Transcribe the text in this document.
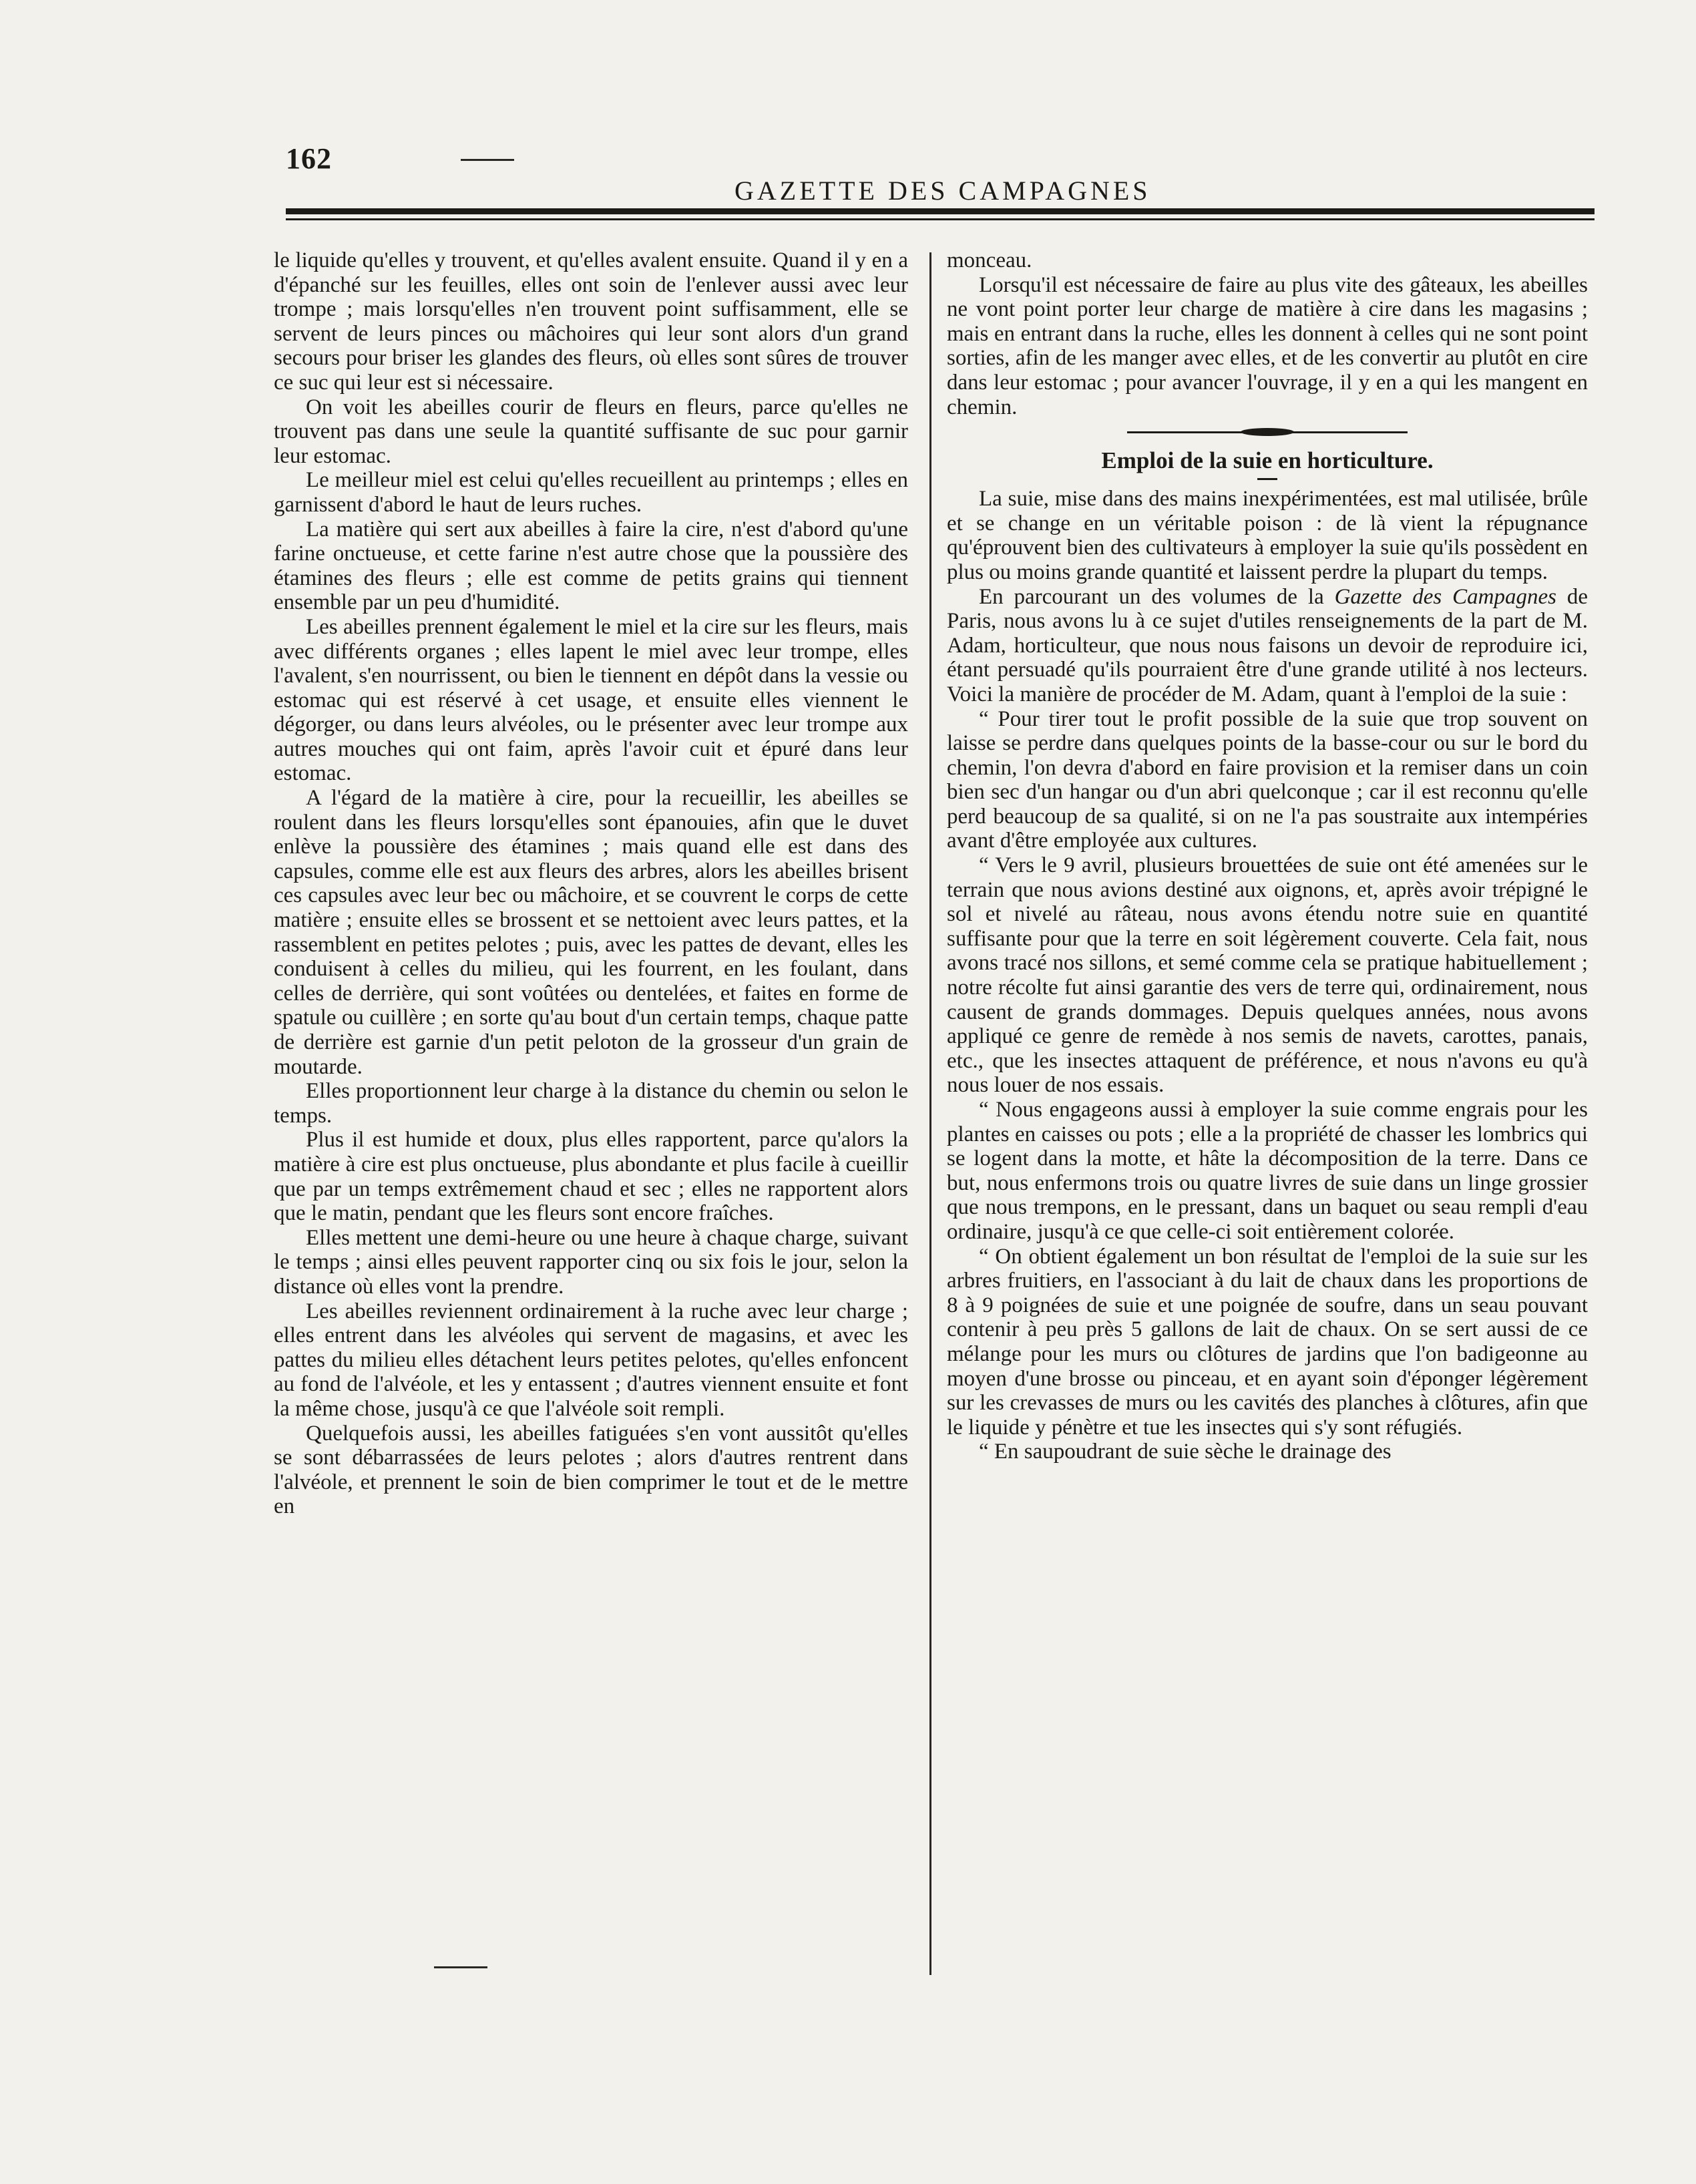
162
GAZETTE DES CAMPAGNES

le liquide qu'elles y trouvent, et qu'elles avalent ensuite. Quand il y en a d'épanché sur les feuilles, elles ont soin de l'enlever aussi avec leur trompe ; mais lorsqu'elles n'en trouvent point suffisamment, elle se servent de leurs pinces ou mâchoires qui leur sont alors d'un grand secours pour briser les glandes des fleurs, où elles sont sûres de trouver ce suc qui leur est si nécessaire.

On voit les abeilles courir de fleurs en fleurs, parce qu'elles ne trouvent pas dans une seule la quantité suffisante de suc pour garnir leur estomac.

Le meilleur miel est celui qu'elles recueillent au printemps ; elles en garnissent d'abord le haut de leurs ruches.

La matière qui sert aux abeilles à faire la cire, n'est d'abord qu'une farine onctueuse, et cette farine n'est autre chose que la poussière des étamines des fleurs ; elle est comme de petits grains qui tiennent ensemble par un peu d'humidité.

Les abeilles prennent également le miel et la cire sur les fleurs, mais avec différents organes ; elles lapent le miel avec leur trompe, elles l'avalent, s'en nourrissent, ou bien le tiennent en dépôt dans la vessie ou estomac qui est réservé à cet usage, et ensuite elles viennent le dégorger, ou dans leurs alvéoles, ou le présenter avec leur trompe aux autres mouches qui ont faim, après l'avoir cuit et épuré dans leur estomac.

A l'égard de la matière à cire, pour la recueillir, les abeilles se roulent dans les fleurs lorsqu'elles sont épanouies, afin que le duvet enlève la poussière des étamines ; mais quand elle est dans des capsules, comme elle est aux fleurs des arbres, alors les abeilles brisent ces capsules avec leur bec ou mâchoire, et se couvrent le corps de cette matière ; ensuite elles se brossent et se nettoient avec leurs pattes, et la rassemblent en petites pelotes ; puis, avec les pattes de devant, elles les conduisent à celles du milieu, qui les fourrent, en les foulant, dans celles de derrière, qui sont voûtées ou dentelées, et faites en forme de spatule ou cuillère ; en sorte qu'au bout d'un certain temps, chaque patte de derrière est garnie d'un petit peloton de la grosseur d'un grain de moutarde.

Elles proportionnent leur charge à la distance du chemin ou selon le temps.

Plus il est humide et doux, plus elles rapportent, parce qu'alors la matière à cire est plus onctueuse, plus abondante et plus facile à cueillir que par un temps extrêmement chaud et sec ; elles ne rapportent alors que le matin, pendant que les fleurs sont encore fraîches.

Elles mettent une demi-heure ou une heure à chaque charge, suivant le temps ; ainsi elles peuvent rapporter cinq ou six fois le jour, selon la distance où elles vont la prendre.

Les abeilles reviennent ordinairement à la ruche avec leur charge ; elles entrent dans les alvéoles qui servent de magasins, et avec les pattes du milieu elles détachent leurs petites pelotes, qu'elles enfoncent au fond de l'alvéole, et les y entassent ; d'autres viennent ensuite et font la même chose, jusqu'à ce que l'alvéole soit rempli.

Quelquefois aussi, les abeilles fatiguées s'en vont aussitôt qu'elles se sont débarrassées de leurs pelotes ; alors d'autres rentrent dans l'alvéole, et prennent le soin de bien comprimer le tout et de le mettre en

monceau.

Lorsqu'il est nécessaire de faire au plus vite des gâteaux, les abeilles ne vont point porter leur charge de matière à cire dans les magasins ; mais en entrant dans la ruche, elles les donnent à celles qui ne sont point sorties, afin de les manger avec elles, et de les convertir au plutôt en cire dans leur estomac ; pour avancer l'ouvrage, il y en a qui les mangent en chemin.

Emploi de la suie en horticulture.

La suie, mise dans des mains inexpérimentées, est mal utilisée, brûle et se change en un véritable poison : de là vient la répugnance qu'éprouvent bien des cultivateurs à employer la suie qu'ils possèdent en plus ou moins grande quantité et laissent perdre la plupart du temps.

En parcourant un des volumes de la Gazette des Campagnes de Paris, nous avons lu à ce sujet d'utiles renseignements de la part de M. Adam, horticulteur, que nous nous faisons un devoir de reproduire ici, étant persuadé qu'ils pourraient être d'une grande utilité à nos lecteurs. Voici la manière de procéder de M. Adam, quant à l'emploi de la suie :

“ Pour tirer tout le profit possible de la suie que trop souvent on laisse se perdre dans quelques points de la basse-cour ou sur le bord du chemin, l'on devra d'abord en faire provision et la remiser dans un coin bien sec d'un hangar ou d'un abri quelconque ; car il est reconnu qu'elle perd beaucoup de sa qualité, si on ne l'a pas soustraite aux intempéries avant d'être employée aux cultures.

“ Vers le 9 avril, plusieurs brouettées de suie ont été amenées sur le terrain que nous avions destiné aux oignons, et, après avoir trépigné le sol et nivelé au râteau, nous avons étendu notre suie en quantité suffisante pour que la terre en soit légèrement couverte. Cela fait, nous avons tracé nos sillons, et semé comme cela se pratique habituellement ; notre récolte fut ainsi garantie des vers de terre qui, ordinairement, nous causent de grands dommages. Depuis quelques années, nous avons appliqué ce genre de remède à nos semis de navets, carottes, panais, etc., que les insectes attaquent de préférence, et nous n'avons eu qu'à nous louer de nos essais.

“ Nous engageons aussi à employer la suie comme engrais pour les plantes en caisses ou pots ; elle a la propriété de chasser les lombrics qui se logent dans la motte, et hâte la décomposition de la terre. Dans ce but, nous enfermons trois ou quatre livres de suie dans un linge grossier que nous trempons, en le pressant, dans un baquet ou seau rempli d'eau ordinaire, jusqu'à ce que celle-ci soit entièrement colorée.

“ On obtient également un bon résultat de l'emploi de la suie sur les arbres fruitiers, en l'associant à du lait de chaux dans les proportions de 8 à 9 poignées de suie et une poignée de soufre, dans un seau pouvant contenir à peu près 5 gallons de lait de chaux. On se sert aussi de ce mélange pour les murs ou clôtures de jardins que l'on badigeonne au moyen d'une brosse ou pinceau, et en ayant soin d'éponger légèrement sur les crevasses de murs ou les cavités des planches à clôtures, afin que le liquide y pénètre et tue les insectes qui s'y sont réfugiés.

“ En saupoudrant de suie sèche le drainage des
